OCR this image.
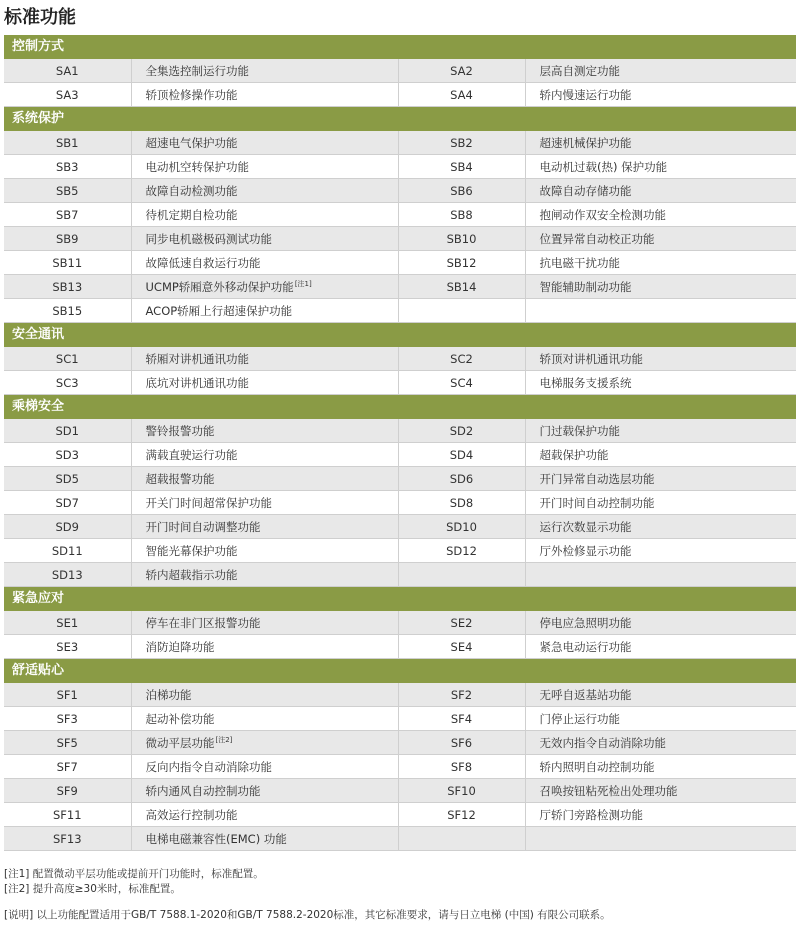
标准功能
控制方式
SA1	全集选控制运行功能	SA2	层高自测定功能
SA3	轿顶检修操作功能	SA4	轿内慢速运行功能
系统保护
SB1	超速电气保护功能	SB2	超速机械保护功能
SB3	电动机空转保护功能	SB4	电动机过载(热) 保护功能
SB5	故障自动检测功能	SB6	故障自动存储功能
SB7	待机定期自检功能	SB8	抱闸动作双安全检测功能
SB9	同步电机磁极码测试功能	SB10	位置异常自动校正功能
SB11	故障低速自救运行功能	SB12	抗电磁干扰功能
SB13	UCMP轿厢意外移动保护功能[注1]	SB14	智能辅助制动功能
SB15	ACOP轿厢上行超速保护功能		
安全通讯
SC1	轿厢对讲机通讯功能	SC2	轿顶对讲机通讯功能
SC3	底坑对讲机通讯功能	SC4	电梯服务支援系统
乘梯安全
SD1	警铃报警功能	SD2	门过载保护功能
SD3	满载直驶运行功能	SD4	超载保护功能
SD5	超载报警功能	SD6	开门异常自动选层功能
SD7	开关门时间超常保护功能	SD8	开门时间自动控制功能
SD9	开门时间自动调整功能	SD10	运行次数显示功能
SD11	智能光幕保护功能	SD12	厅外检修显示功能
SD13	轿内超载指示功能		
紧急应对
SE1	停车在非门区报警功能	SE2	停电应急照明功能
SE3	消防迫降功能	SE4	紧急电动运行功能
舒适贴心
SF1	泊梯功能	SF2	无呼自返基站功能
SF3	起动补偿功能	SF4	门停止运行功能
SF5	微动平层功能[注2]	SF6	无效内指令自动消除功能
SF7	反向内指令自动消除功能	SF8	轿内照明自动控制功能
SF9	轿内通风自动控制功能	SF10	召唤按钮粘死检出处理功能
SF11	高效运行控制功能	SF12	厅轿门旁路检测功能
SF13	电梯电磁兼容性(EMC) 功能		
[注1] 配置微动平层功能或提前开门功能时，标准配置。
[注2] 提升高度≥30米时，标准配置。
[说明] 以上功能配置适用于GB/T 7588.1-2020和GB/T 7588.2-2020标准，其它标准要求，请与日立电梯 (中国) 有限公司联系。
